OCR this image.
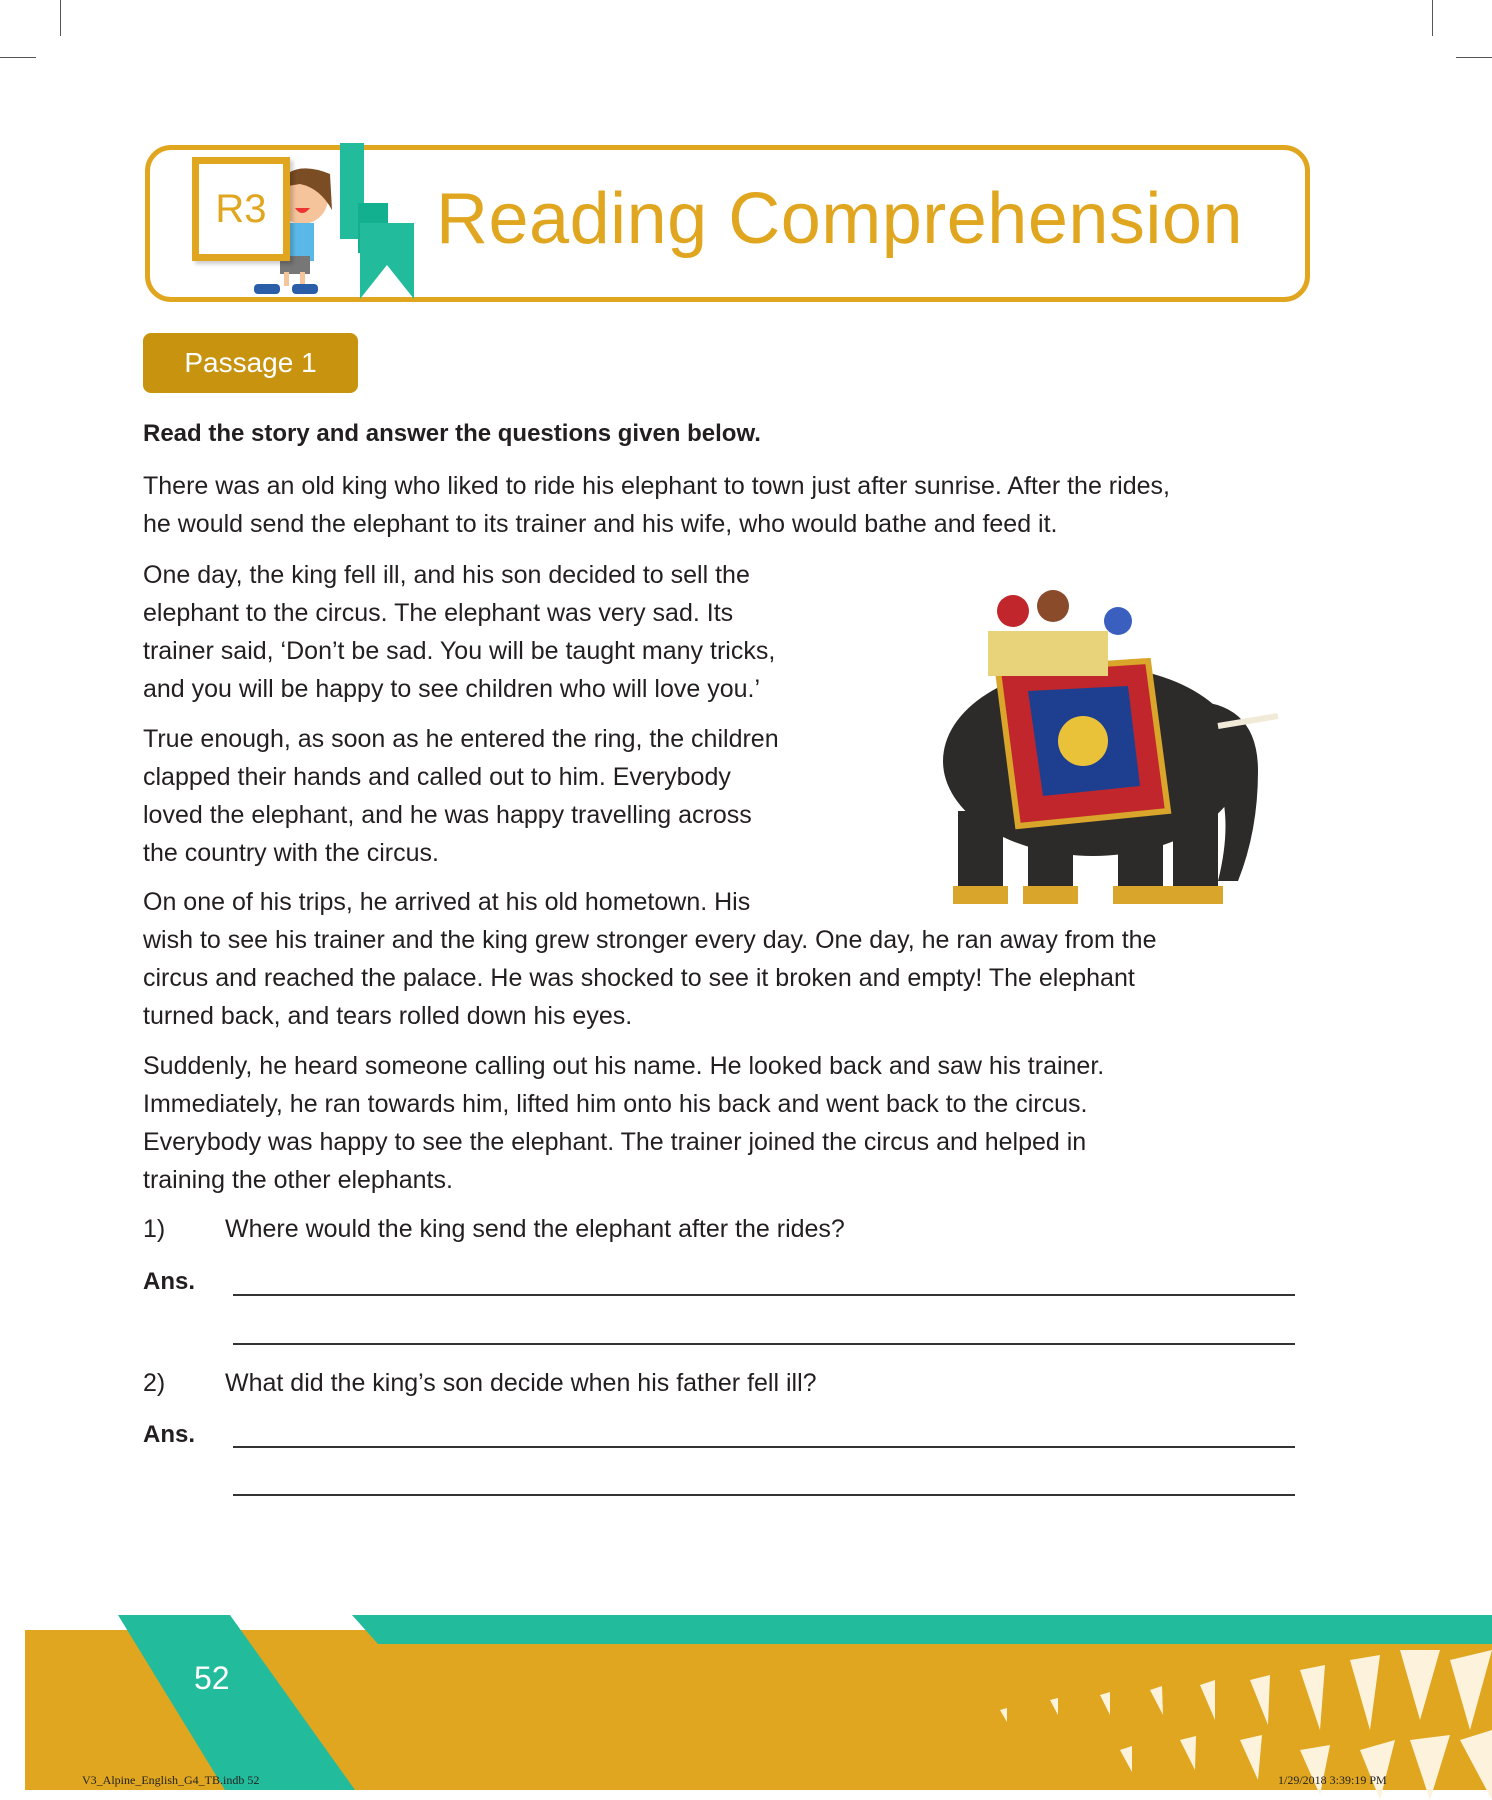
R3	Reading Comprehension
Passage 1
Read the story and answer the questions given below.
There was an old king who liked to ride his elephant to town just after sunrise. After the rides,
he would send the elephant to its trainer and his wife, who would bathe and feed it.
One day, the king fell ill, and his son decided to sell the
elephant to the circus. The elephant was very sad. Its
trainer said, ‘Don’t be sad. You will be taught many tricks,
and you will be happy to see children who will love you.’
True enough, as soon as he entered the ring, the children
clapped their hands and called out to him. Everybody
loved the elephant, and he was happy travelling across
the country with the circus.
On one of his trips, he arrived at his old hometown. His
wish to see his trainer and the king grew stronger every day. One day, he ran away from the
circus and reached the palace. He was shocked to see it broken and empty! The elephant
turned back, and tears rolled down his eyes.
Suddenly, he heard someone calling out his name. He looked back and saw his trainer.
Immediately, he ran towards him, lifted him onto his back and went back to the circus.
Everybody was happy to see the elephant. The trainer joined the circus and helped in
training the other elephants.
1) Where would the king send the elephant after the rides?
Ans.
2) What did the king’s son decide when his father fell ill?
Ans.
52
V3_Alpine_English_G4_TB.indb 52	1/29/2018 3:39:19 PM
